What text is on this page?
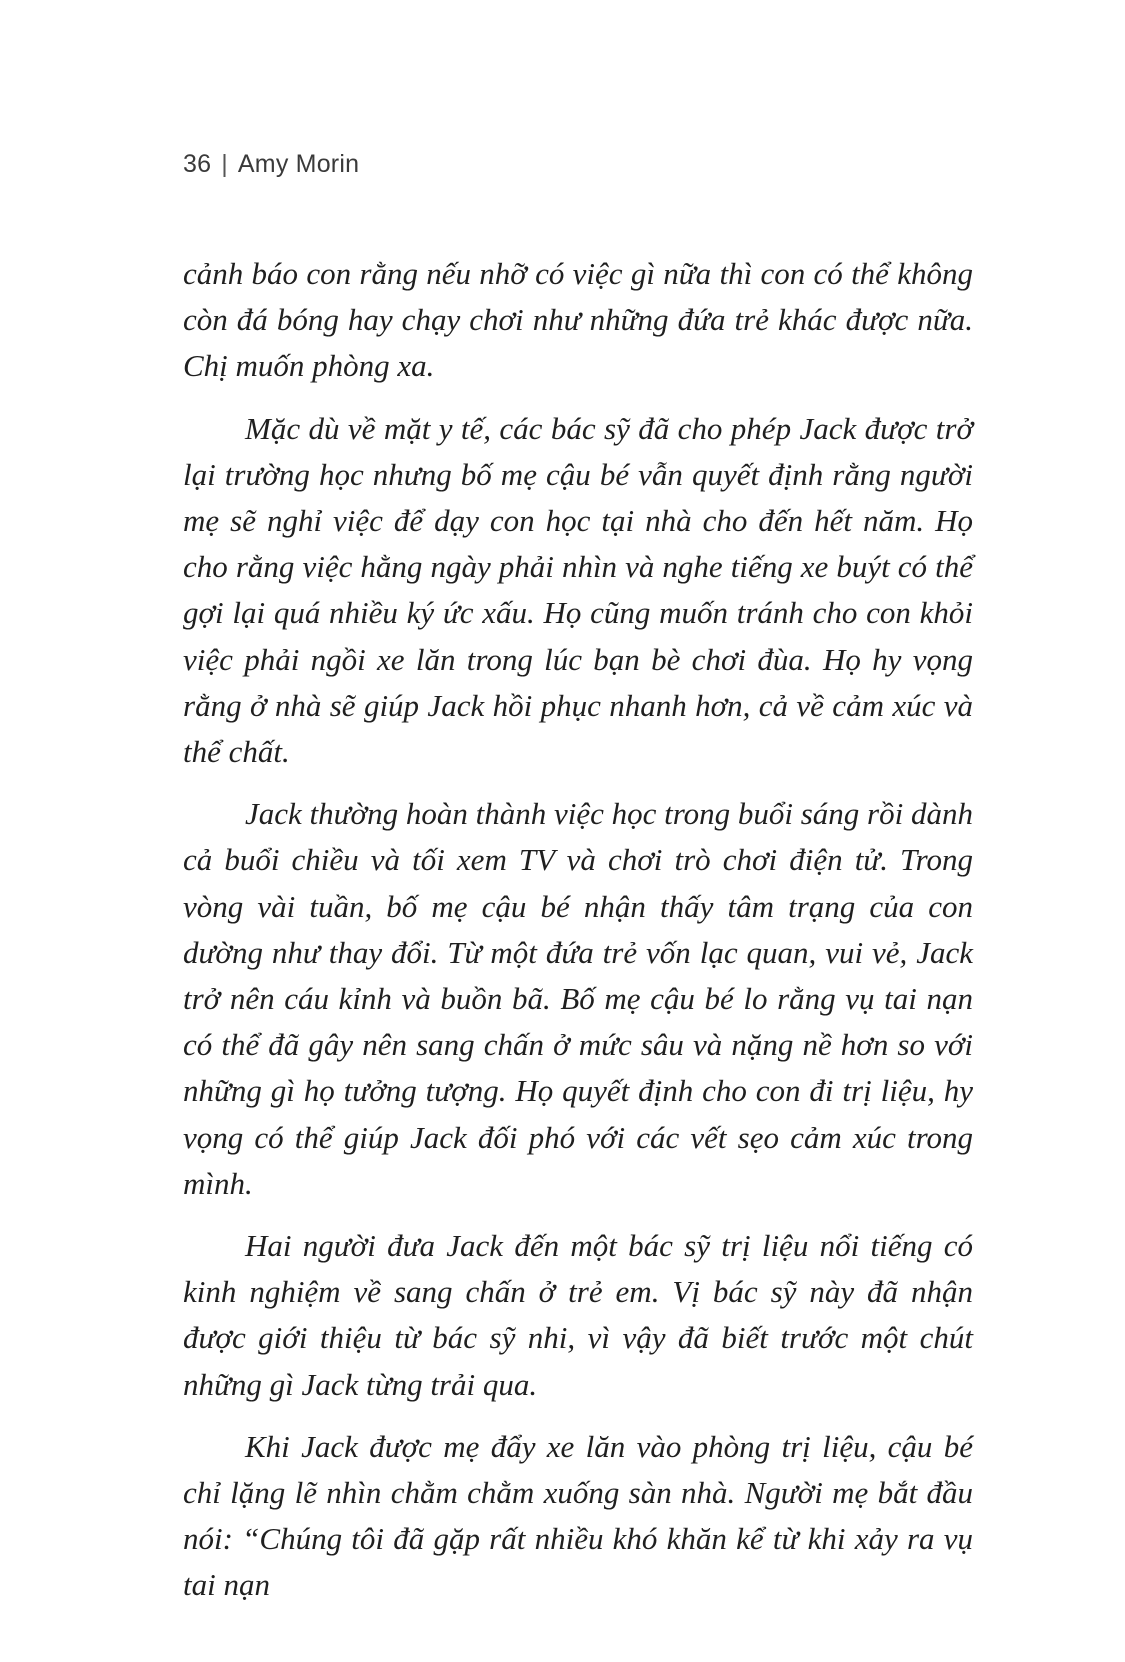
36 | Amy Morin

cảnh báo con rằng nếu nhỡ có việc gì nữa thì con có thể không còn đá bóng hay chạy chơi như những đứa trẻ khác được nữa. Chị muốn phòng xa.

Mặc dù về mặt y tế, các bác sỹ đã cho phép Jack được trở lại trường học nhưng bố mẹ cậu bé vẫn quyết định rằng người mẹ sẽ nghỉ việc để dạy con học tại nhà cho đến hết năm. Họ cho rằng việc hằng ngày phải nhìn và nghe tiếng xe buýt có thể gợi lại quá nhiều ký ức xấu. Họ cũng muốn tránh cho con khỏi việc phải ngồi xe lăn trong lúc bạn bè chơi đùa. Họ hy vọng rằng ở nhà sẽ giúp Jack hồi phục nhanh hơn, cả về cảm xúc và thể chất.

Jack thường hoàn thành việc học trong buổi sáng rồi dành cả buổi chiều và tối xem TV và chơi trò chơi điện tử. Trong vòng vài tuần, bố mẹ cậu bé nhận thấy tâm trạng của con dường như thay đổi. Từ một đứa trẻ vốn lạc quan, vui vẻ, Jack trở nên cáu kỉnh và buồn bã. Bố mẹ cậu bé lo rằng vụ tai nạn có thể đã gây nên sang chấn ở mức sâu và nặng nề hơn so với những gì họ tưởng tượng. Họ quyết định cho con đi trị liệu, hy vọng có thể giúp Jack đối phó với các vết sẹo cảm xúc trong mình.

Hai người đưa Jack đến một bác sỹ trị liệu nổi tiếng có kinh nghiệm về sang chấn ở trẻ em. Vị bác sỹ này đã nhận được giới thiệu từ bác sỹ nhi, vì vậy đã biết trước một chút những gì Jack từng trải qua.

Khi Jack được mẹ đẩy xe lăn vào phòng trị liệu, cậu bé chỉ lặng lẽ nhìn chằm chằm xuống sàn nhà. Người mẹ bắt đầu nói: “Chúng tôi đã gặp rất nhiều khó khăn kể từ khi xảy ra vụ tai nạn
